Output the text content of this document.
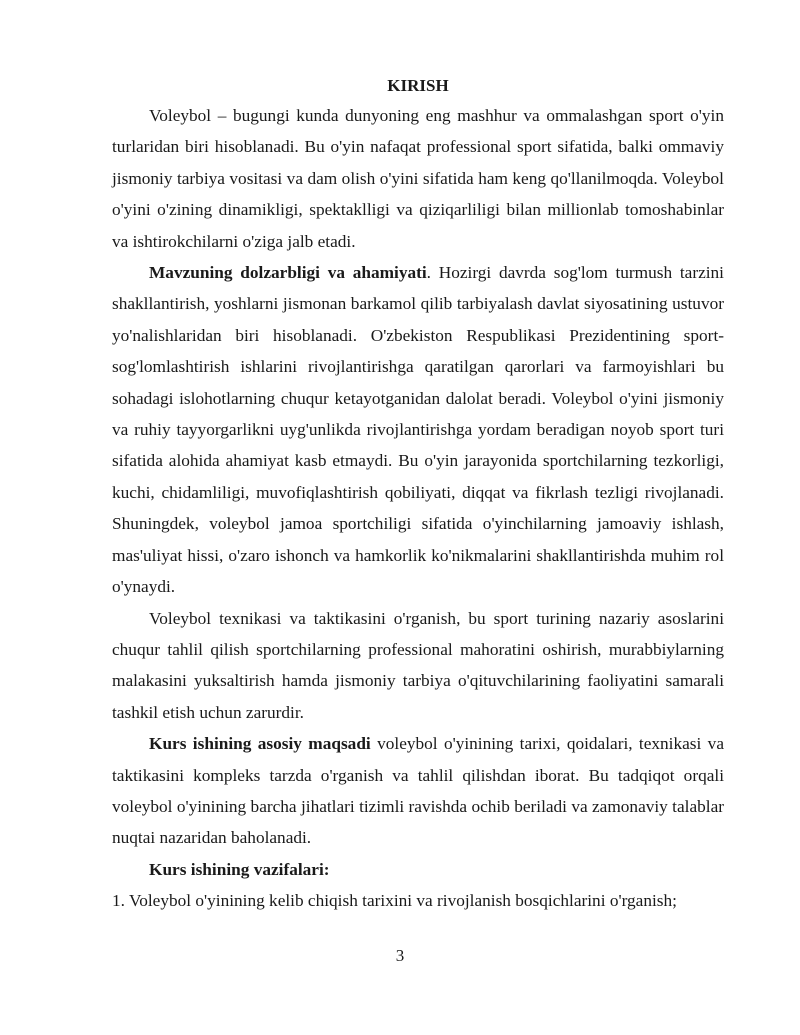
KIRISH

Voleybol – bugungi kunda dunyoning eng mashhur va ommalashgan sport o'yin turlaridan biri hisoblanadi. Bu o'yin nafaqat professional sport sifatida, balki ommaviy jismoniy tarbiya vositasi va dam olish o'yini sifatida ham keng qo'llanilmoqda. Voleybol o'yini o'zining dinamikligi, spektaklligi va qiziqarliligi bilan millionlab tomoshabinlar va ishtirokchilarni o'ziga jalb etadi.

Mavzuning dolzarbligi va ahamiyati. Hozirgi davrda sog'lom turmush tarzini shakllantirish, yoshlarni jismonan barkamol qilib tarbiyalash davlat siyosatining ustuvor yo'nalishlaridan biri hisoblanadi. O'zbekiston Respublikasi Prezidentining sport-sog'lomlashtirish ishlarini rivojlantirishga qaratilgan qarorlari va farmoyishlari bu sohadagi islohotlarning chuqur ketayotganidan dalolat beradi. Voleybol o'yini jismoniy va ruhiy tayyorgarlikni uyg'unlikda rivojlantirishga yordam beradigan noyob sport turi sifatida alohida ahamiyat kasb etmaydi. Bu o'yin jarayonida sportchilarning tezkorligi, kuchi, chidamliligi, muvofiqlashtirish qobiliyati, diqqat va fikrlash tezligi rivojlanadi. Shuningdek, voleybol jamoa sportchiligi sifatida o'yinchilarning jamoaviy ishlash, mas'uliyat hissi, o'zaro ishonch va hamkorlik ko'nikmalarini shakllantirishda muhim rol o'ynaydi.

Voleybol texnikasi va taktikasini o'rganish, bu sport turining nazariy asoslarini chuqur tahlil qilish sportchilarning professional mahoratini oshirish, murabbiylarning malakasini yuksaltirish hamda jismoniy tarbiya o'qituvchilarining faoliyatini samarali tashkil etish uchun zarurdir.

Kurs ishining asosiy maqsadi voleybol o'yinining tarixi, qoidalari, texnikasi va taktikasini kompleks tarzda o'rganish va tahlil qilishdan iborat. Bu tadqiqot orqali voleybol o'yinining barcha jihatlari tizimli ravishda ochib beriladi va zamonaviy talablar nuqtai nazaridan baholanadi.

Kurs ishining vazifalari:

1. Voleybol o'yinining kelib chiqish tarixini va rivojlanish bosqichlarini o'rganish;

3
